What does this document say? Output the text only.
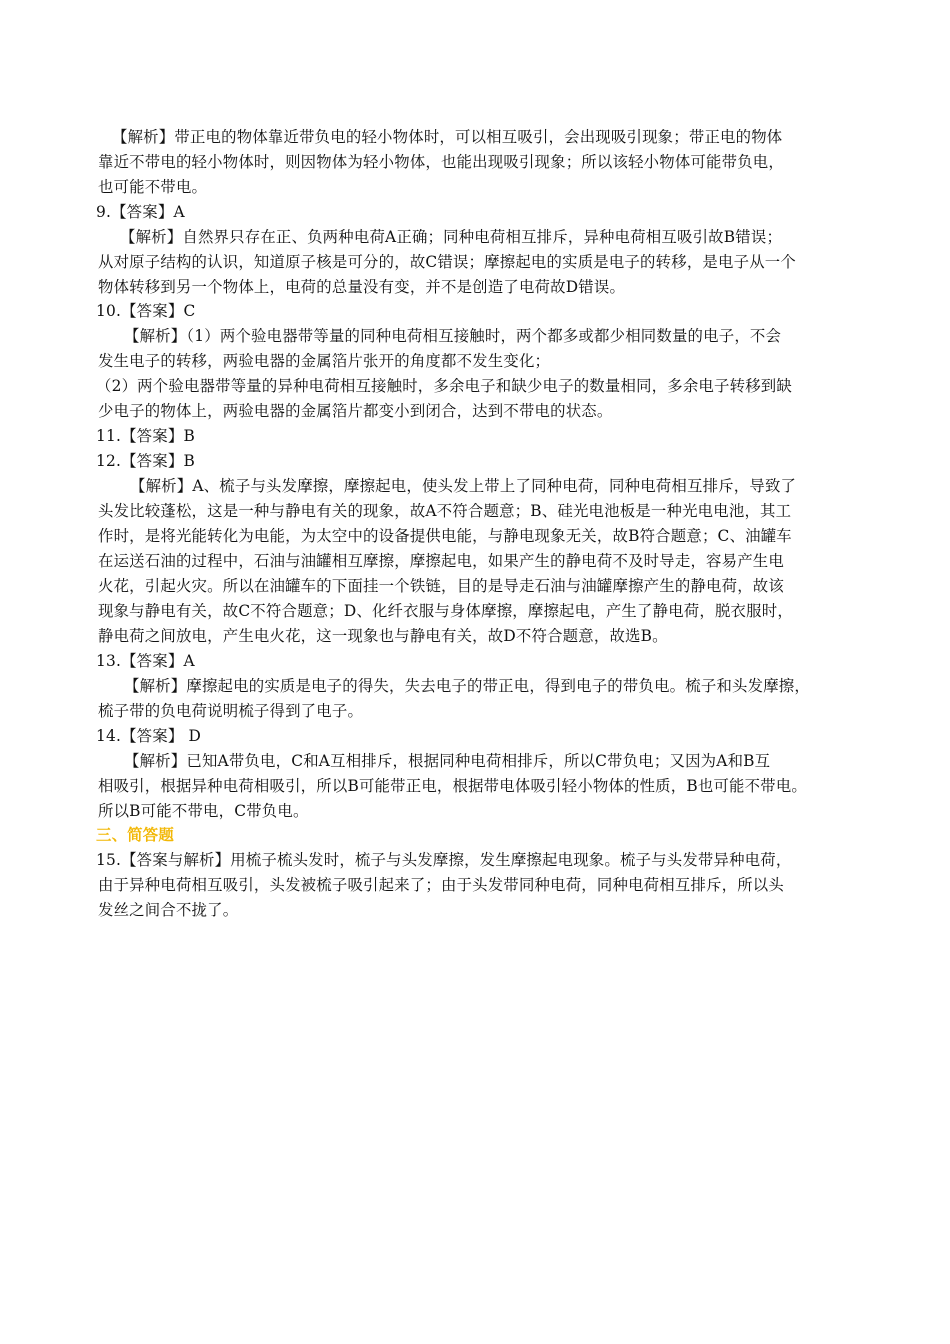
【解析】带正电的物体靠近带负电的轻小物体时，可以相互吸引，会出现吸引现象；带正电的物体
靠近不带电的轻小物体时，则因物体为轻小物体，也能出现吸引现象；所以该轻小物体可能带负电，
也可能不带电。
9.【答案】A
【解析】自然界只存在正、负两种电荷A正确；同种电荷相互排斥，异种电荷相互吸引故B错误；
从对原子结构的认识，知道原子核是可分的，故C错误；摩擦起电的实质是电子的转移，是电子从一个
物体转移到另一个物体上，电荷的总量没有变，并不是创造了电荷故D错误。
10.【答案】C
【解析】（1）两个验电器带等量的同种电荷相互接触时，两个都多或都少相同数量的电子，不会
发生电子的转移，两验电器的金属箔片张开的角度都不发生变化；
（2）两个验电器带等量的异种电荷相互接触时，多余电子和缺少电子的数量相同，多余电子转移到缺
少电子的物体上，两验电器的金属箔片都变小到闭合，达到不带电的状态。
11.【答案】B
12.【答案】B
【解析】A、梳子与头发摩擦，摩擦起电，使头发上带上了同种电荷，同种电荷相互排斥，导致了
头发比较蓬松，这是一种与静电有关的现象，故A不符合题意；B、硅光电池板是一种光电电池，其工
作时，是将光能转化为电能，为太空中的设备提供电能，与静电现象无关，故B符合题意；C、油罐车
在运送石油的过程中，石油与油罐相互摩擦，摩擦起电，如果产生的静电荷不及时导走，容易产生电
火花，引起火灾。所以在油罐车的下面挂一个铁链，目的是导走石油与油罐摩擦产生的静电荷，故该
现象与静电有关，故C不符合题意；D、化纤衣服与身体摩擦，摩擦起电，产生了静电荷，脱衣服时，
静电荷之间放电，产生电火花，这一现象也与静电有关，故D不符合题意，故选B。
13.【答案】A
【解析】摩擦起电的实质是电子的得失，失去电子的带正电，得到电子的带负电。梳子和头发摩擦，
梳子带的负电荷说明梳子得到了电子。
14.【答案】 D
【解析】已知A带负电，C和A互相排斥，根据同种电荷相排斥，所以C带负电；又因为A和B互
相吸引，根据异种电荷相吸引，所以B可能带正电，根据带电体吸引轻小物体的性质，B也可能不带电。
所以B可能不带电，C带负电。
三、简答题
15.【答案与解析】用梳子梳头发时，梳子与头发摩擦，发生摩擦起电现象。梳子与头发带异种电荷，
由于异种电荷相互吸引，头发被梳子吸引起来了；由于头发带同种电荷，同种电荷相互排斥，所以头
发丝之间合不拢了。
